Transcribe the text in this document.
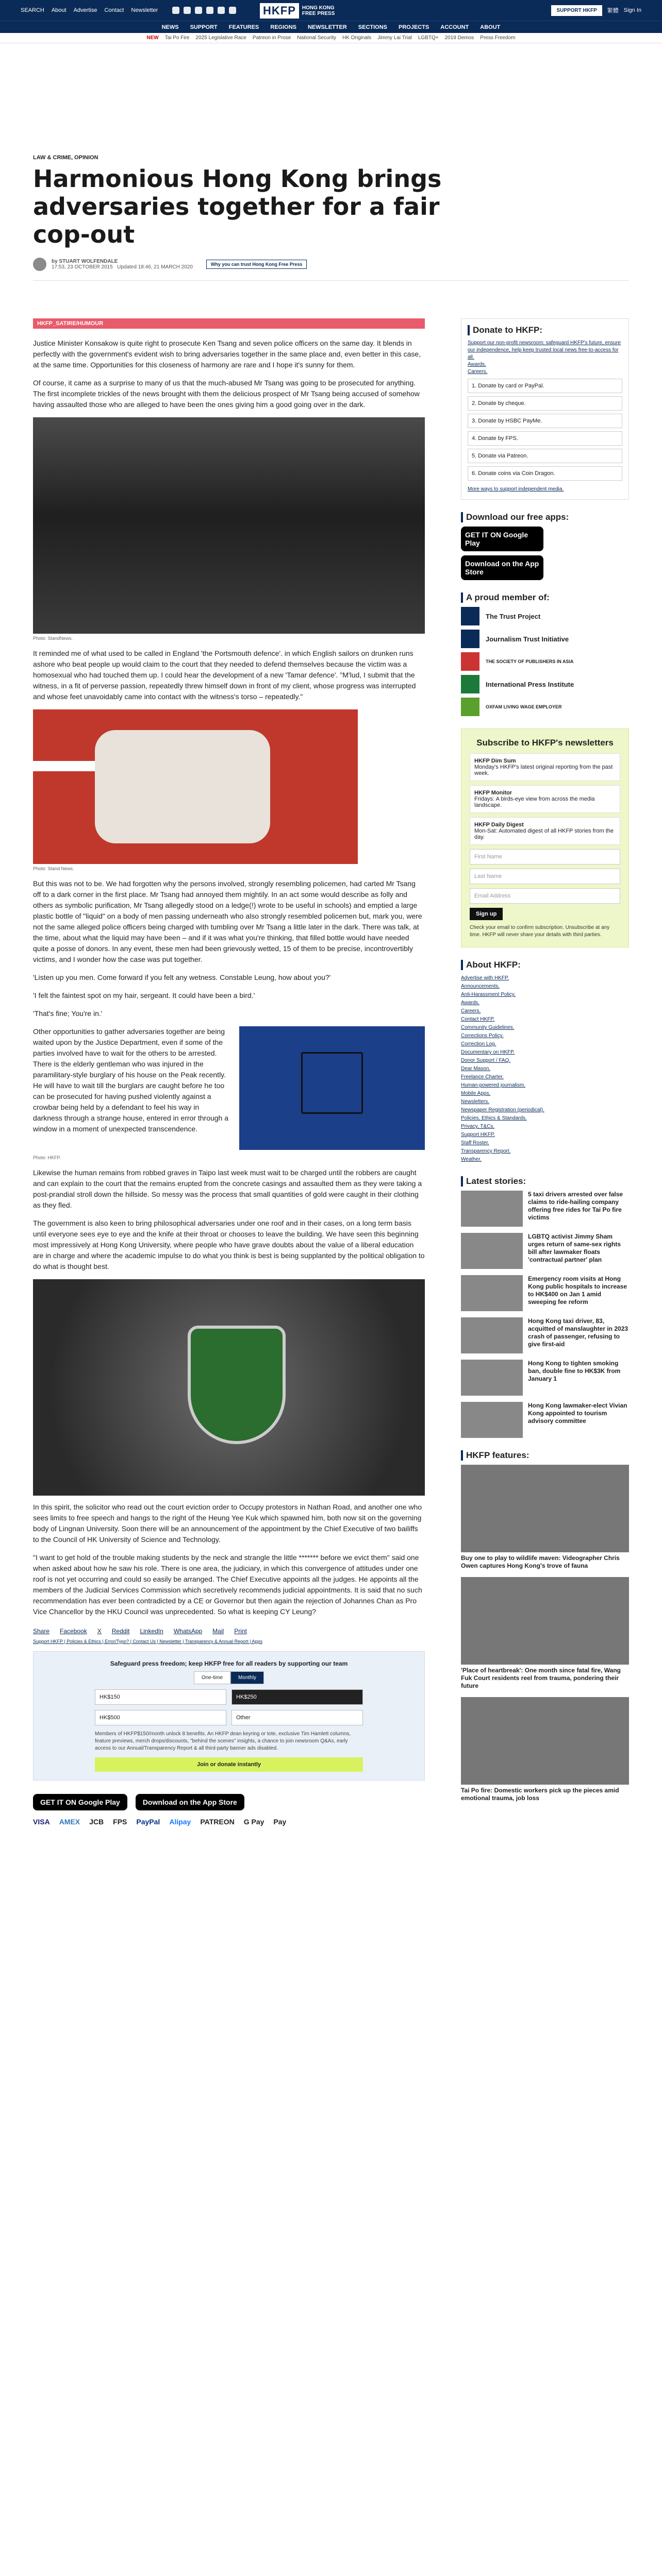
SEARCH About Advertise Contact Newsletter	HKFP	HONG KONG
FREE PRESS
SUPPORT HKFP	繁體 Sign In
NEWS SUPPORT FEATURES REGIONS NEWSLETTER SECTIONS PROJECTS ACCOUNT ABOUT
NEW Tai Po Fire 2025 Legislative Race Patreon in Prose National Security HK Originals Jimmy Lai Trial LGBTQ+ 2019 Demos Press Freedom
LAW & CRIME, OPINION
Harmonious Hong Kong brings adversaries together for a fair cop-out
by STUART WOLFENDALE
17:53, 23 OCTOBER 2015 Updated 18:46, 21 MARCH 2020	Why you can trust Hong Kong Free Press
HKFP_SATIRE/HUMOUR

Justice Minister Konsakow is quite right to prosecute Ken Tsang and seven police officers on the same day. It blends in perfectly with the government's evident wish to bring adversaries together in the same place and, even better in this case, at the same time. Opportunities for this closeness of harmony are rare and I hope it's sunny for them.

Of course, it came as a surprise to many of us that the much-abused Mr Tsang was going to be prosecuted for anything. The first incomplete trickles of the news brought with them the delicious prospect of Mr Tsang being accused of somehow having assaulted those who are alleged to have been the ones giving him a good going over in the dark.

Photo: StandNews.

It reminded me of what used to be called in England 'the Portsmouth defence'. in which English sailors on drunken runs ashore who beat people up would claim to the court that they needed to defend themselves because the victim was a homosexual who had touched them up. I could hear the development of a new 'Tamar defence'. "M'lud, I submit that the witness, in a fit of perverse passion, repeatedly threw himself down in front of my client, whose progress was interrupted and whose feet unavoidably came into contact with the witness's torso – repeatedly."

Photo: Stand News.

But this was not to be. We had forgotten why the persons involved, strongly resembling policemen, had carted Mr Tsang off to a dark corner in the first place. Mr Tsang had annoyed them mightily. In an act some would describe as folly and others as symbolic purification, Mr Tsang allegedly stood on a ledge(!) wrote to be useful in schools) and emptied a large plastic bottle of "liquid" on a body of men passing underneath who also strongly resembled policemen but, mark you, were not the same alleged police officers being charged with tumbling over Mr Tsang a little later in the dark. There was talk, at the time, about what the liquid may have been – and if it was what you're thinking, that filled bottle would have needed quite a posse of donors. In any event, these men had been grievously wetted, 15 of them to be precise, incontrovertibly victims, and I wonder how the case was put together.

'Listen up you men. Come forward if you felt any wetness. Constable Leung, how about you?'

'I felt the faintest spot on my hair, sergeant. It could have been a bird.'

'That's fine; You're in.'

Other opportunities to gather adversaries together are being waited upon by the Justice Department, even if some of the parties involved have to wait for the others to be arrested. There is the elderly gentleman who was injured in the paramilitary-style burglary of his house on the Peak recently. He will have to wait till the burglars are caught before he too can be prosecuted for having pushed violently against a crowbar being held by a defendant to feel his way in darkness through a strange house, entered in error through a window in a moment of unexpected transcendence.

Photo: HKFP.

Likewise the human remains from robbed graves in Taipo last week must wait to be charged until the robbers are caught and can explain to the court that the remains erupted from the concrete casings and assaulted them as they were taking a post-prandial stroll down the hillside. So messy was the process that small quantities of gold were caught in their clothing as they fled.

The government is also keen to bring philosophical adversaries under one roof and in their cases, on a long term basis until everyone sees eye to eye and the knife at their throat or chooses to leave the building. We have seen this beginning most impressively at Hong Kong University, where people who have grave doubts about the value of a liberal education are in charge and where the academic impulse to do what you think is best is being supplanted by the political obligation to do what is thought best.

In this spirit, the solicitor who read out the court eviction order to Occupy protestors in Nathan Road, and another one who sees limits to free speech and hangs to the right of the Heung Yee Kuk which spawned him, both now sit on the governing body of Lingnan University. Soon there will be an announcement of the appointment by the Chief Executive of two bailiffs to the Council of HK University of Science and Technology.

"I want to get hold of the trouble making students by the neck and strangle the little ******* before we evict them" said one when asked about how he saw his role. There is one area, the judiciary, in which this convergence of attitudes under one roof is not yet occurring and could so easily be arranged. The Chief Executive appoints all the judges. He appoints all the members of the Judicial Services Commission which secretively recommends judicial appointments. It is said that no such recommendation has ever been contradicted by a CE or Governor but then again the rejection of Johannes Chan as Pro Vice Chancellor by the HKU Council was unprecedented. So what is keeping CY Leung?

Share Facebook X Reddit LinkedIn WhatsApp Mail Print
Support HKFP | Policies & Ethics | Error/Typo? | Contact Us | Newsletter | Transparency & Annual Report | Apps
Safeguard press freedom; keep HKFP free for all readers by supporting our team
One-time	Monthly
HK$150	HK$250
HK$500	Other
Members of HKFP$150/month unlock 8 benefits. An HKFP dean keyring or tote, exclusive Tim Hamlett columns, feature previews, merch drops/discounts, "behind the scenes" insights, a chance to join newsroom Q&As, early access to our Annual/Transparency Report & all third-party banner ads disabled.
Join or donate instantly
GET IT ON Google Play	Download on the App Store
VISA AMEX JCB FPS PayPal Alipay PATREON G Pay Pay
Donate to HKFP:
Support our non-profit newsroom: safeguard HKFP's future, ensure our independence, help keep trusted local news free-to-access for all.
Awards.
Careers.
1. Donate by card or PayPal.
2. Donate by cheque.
3. Donate by HSBC PayMe.
4. Donate by FPS.
5. Donate via Patreon.
6. Donate coins via Coin Dragon.
More ways to support independent media.
Download our free apps:
GET IT ON Google Play
Download on the App Store
A proud member of:
The Trust Project
Journalism Trust Initiative
THE SOCIETY OF PUBLISHERS IN ASIA
International Press Institute
OXFAM LIVING WAGE EMPLOYER
Subscribe to HKFP's newsletters
HKFP Dim Sum
Monday's HKFP's latest original reporting from the past week.
HKFP Monitor
Fridays: A birds-eye view from across the media landscape.
HKFP Daily Digest
Mon-Sat: Automated digest of all HKFP stories from the day.
First Name
Last Name
Email Address
Sign up
Check your email to confirm subscription. Unsubscribe at any time. HKFP will never share your details with third parties.
About HKFP:
Advertise with HKFP.
Announcements.
Anti-Harassment Policy.
Awards.
Careers.
Contact HKFP.
Community Guidelines.
Corrections Policy.
Correction Log.
Documentary on HKFP.
Donor Support / FAQ.
Dear Mason.
Freelance Charter.
Human-powered journalism.
Mobile Apps.
Newsletters.
Newspaper Registration (periodical).
Policies, Ethics & Standards.
Privacy, T&Cs.
Support HKFP.
Staff Roster.
Transparency Report.
Weather.
Latest stories:
5 taxi drivers arrested over false claims to ride-hailing company offering free rides for Tai Po fire victims
LGBTQ activist Jimmy Sham urges return of same-sex rights bill after lawmaker floats 'contractual partner' plan
Emergency room visits at Hong Kong public hospitals to increase to HK$400 on Jan 1 amid sweeping fee reform
Hong Kong taxi driver, 83, acquitted of manslaughter in 2023 crash of passenger, refusing to give first-aid
Hong Kong to tighten smoking ban, double fine to HK$3K from January 1
Hong Kong lawmaker-elect Vivian Kong appointed to tourism advisory committee
HKFP features:
Buy one to play to wildlife maven: Videographer Chris Owen captures Hong Kong's trove of fauna
'Place of heartbreak': One month since fatal fire, Wang Fuk Court residents reel from trauma, pondering their future
Tai Po fire: Domestic workers pick up the pieces amid emotional trauma, job loss
